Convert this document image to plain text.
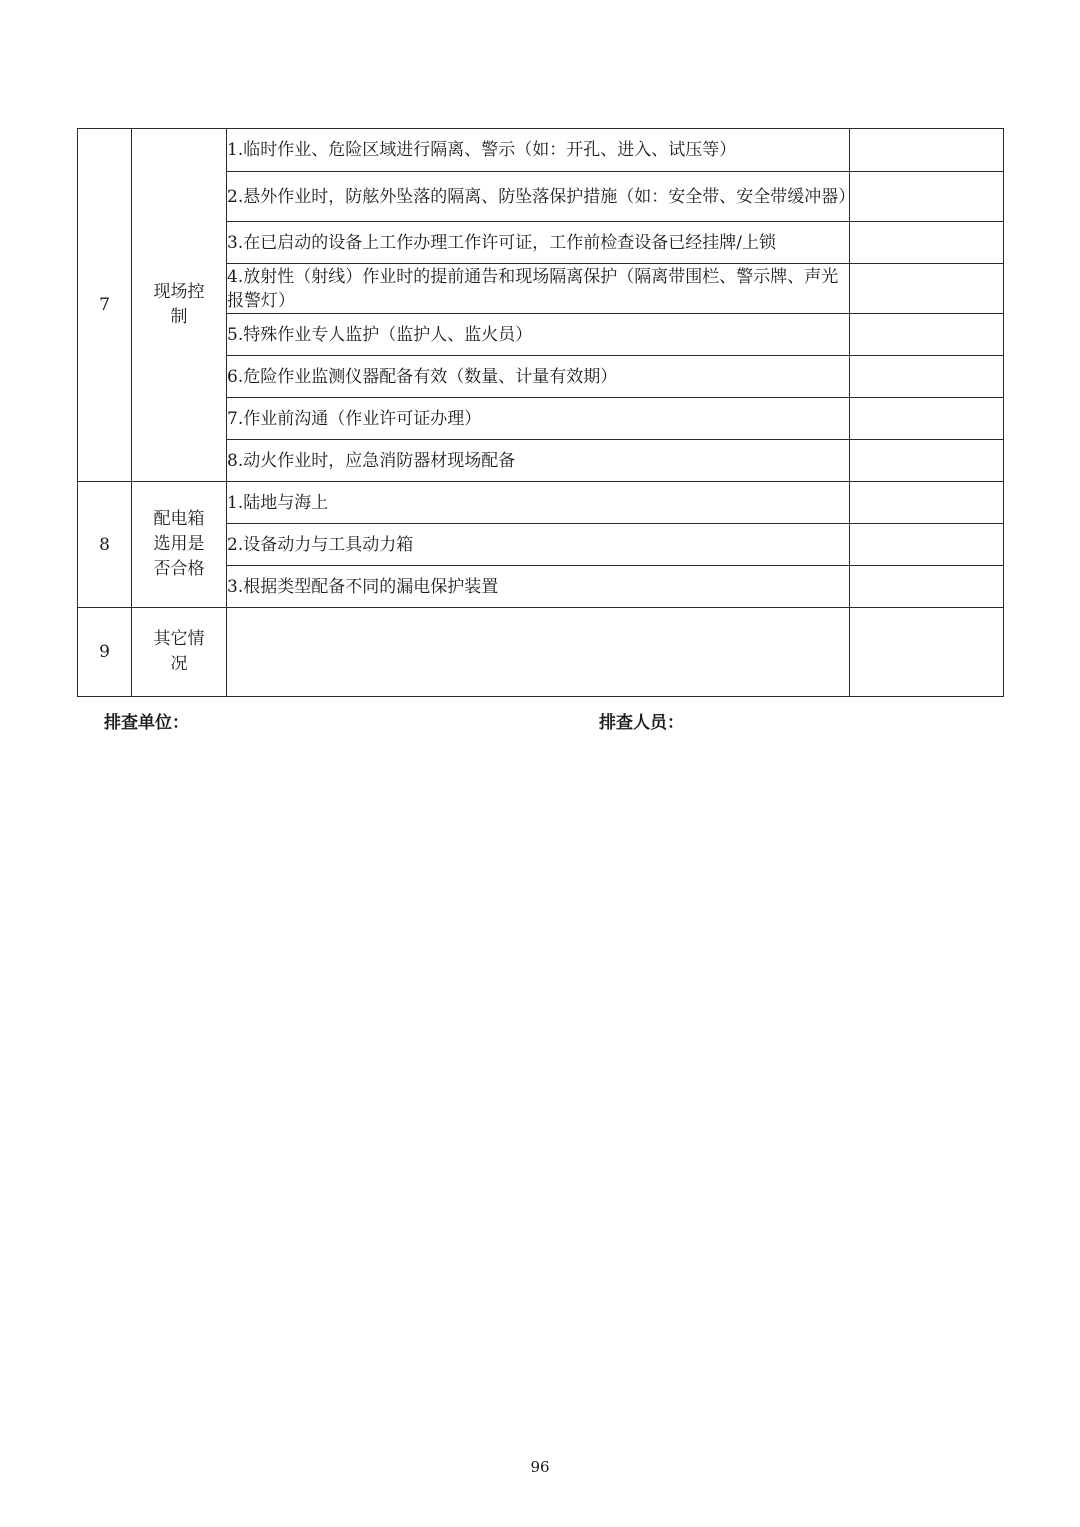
7	现场控制	1.临时作业、危险区域进行隔离、警示（如：开孔、进入、试压等）	
		2.悬外作业时，防舷外坠落的隔离、防坠落保护措施（如：安全带、安全带缓冲器）	
		3.在已启动的设备上工作办理工作许可证，工作前检查设备已经挂牌/上锁	
		4.放射性（射线）作业时的提前通告和现场隔离保护（隔离带围栏、警示牌、声光报警灯）	
		5.特殊作业专人监护（监护人、监火员）	
		6.危险作业监测仪器配备有效（数量、计量有效期）	
		7.作业前沟通（作业许可证办理）	
		8.动火作业时，应急消防器材现场配备	
8	配电箱选用是否合格	1.陆地与海上	
		2.设备动力与工具动力箱	
		3.根据类型配备不同的漏电保护装置	
9	其它情况		
排查单位：	排查人员：
96
